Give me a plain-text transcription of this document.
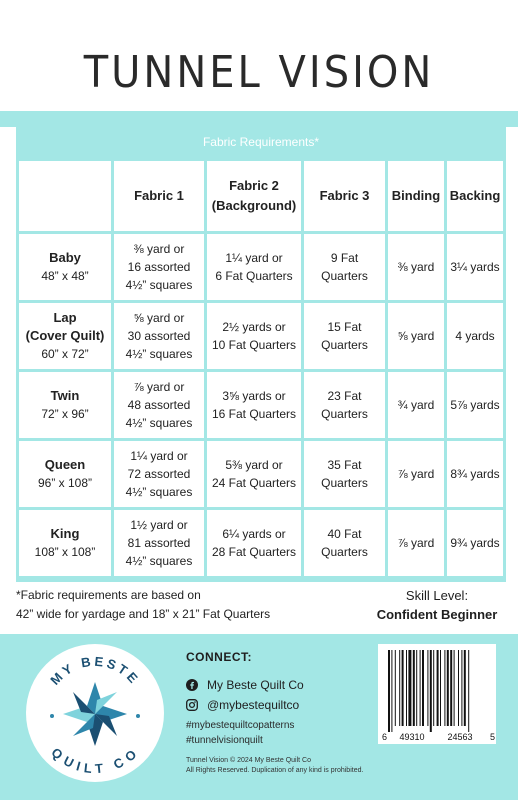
TUNNEL VISION
Fabric Requirements*
Fabric 1
Fabric 2
(Background)
Fabric 3 Binding Backing
Baby
48” x 48”
⅜ yard or
16 assorted
4½” squares
1¼ yard or
6 Fat Quarters
9 Fat
Quarters
⅜ yard 3¼ yards
Lap
(Cover Quilt)
60” x 72”
⅝ yard or
30 assorted
4½” squares
2½ yards or
10 Fat Quarters
15 Fat
Quarters
⅝ yard 4 yards
Twin
72” x 96”
⅞ yard or
48 assorted
4½” squares
3⅝ yards or
16 Fat Quarters
23 Fat
Quarters
¾ yard 5⅞ yards
Queen
96” x 108”
1¼ yard or
72 assorted
4½” squares
5⅜ yard or
24 Fat Quarters
35 Fat
Quarters
⅞ yard 8¾ yards
King
108” x 108”
1½ yard or
81 assorted
4½” squares
6¼ yards or
28 Fat Quarters
40 Fat
Quarters
⅞ yard 9¾ yards
*Fabric requirements are based on
42” wide for yardage and 18” x 21” Fat Quarters
Skill Level:
Confident Beginner
MY BESTE
QUILT CO
CONNECT:
My Beste Quilt Co
@mybestequiltco
#mybestequiltcopatterns
#tunnelvisionquilt
Tunnel Vision © 2024 My Beste Quilt Co
All Rights Reserved. Duplication of any kind is prohibited.
6 49310	24563 5
